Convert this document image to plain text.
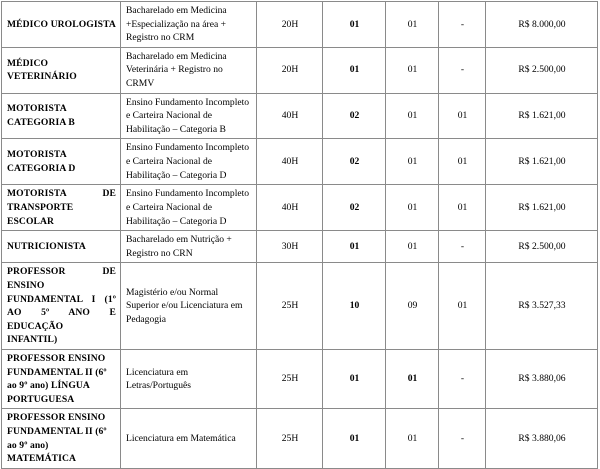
MÉDICO UROLOGISTA	Bacharelado em Medicina +Especialização na área + Registro no CRM	20H	01	01	-	R$ 8.000,00
MÉDICO VETERINÁRIO	Bacharelado em Medicina Veterinária + Registro no CRMV	20H	01	01	-	R$ 2.500,00
MOTORISTA CATEGORIA B	Ensino Fundamento Incompleto e Carteira Nacional de Habilitação – Categoria B	40H	02	01	01	R$ 1.621,00
MOTORISTA CATEGORIA D	Ensino Fundamento Incompleto e Carteira Nacional de Habilitação – Categoria D	40H	02	01	01	R$ 1.621,00
MOTORISTA DE TRANSPORTE ESCOLAR	Ensino Fundamento Incompleto e Carteira Nacional de Habilitação – Categoria D	40H	02	01	01	R$ 1.621,00
NUTRICIONISTA	Bacharelado em Nutrição + Registro no CRN	30H	01	01	-	R$ 2.500,00
PROFESSOR DE ENSINO FUNDAMENTAL I (1º AO 5º ANO E EDUCAÇÃO INFANTIL)	Magistério e/ou Normal Superior e/ou Licenciatura em Pedagogia	25H	10	09	01	R$ 3.527,33
PROFESSOR ENSINO FUNDAMENTAL II (6º ao 9º ano) LÍNGUA PORTUGUESA	Licenciatura em Letras/Português	25H	01	01	-	R$ 3.880,06
PROFESSOR ENSINO FUNDAMENTAL II (6º ao 9º ano) MATEMÁTICA	Licenciatura em Matemática	25H	01	01	-	R$ 3.880,06
